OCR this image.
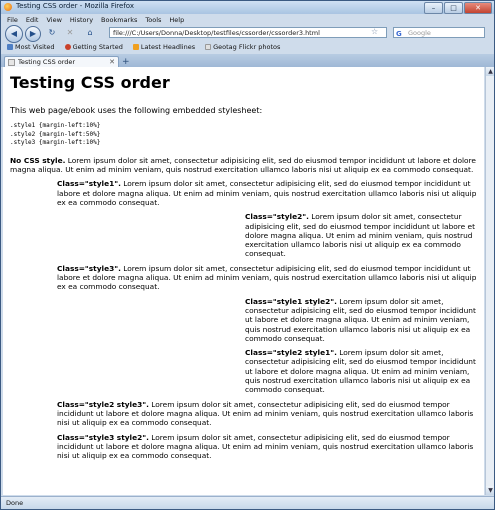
Testing CSS order - Mozilla Firefox	–	□	✕
File Edit View History Bookmarks Tools Help
◀	▶	↻	✕	⌂	file:///C:/Users/Donna/Desktop/testfiles/cssorder/cssorder3.html	☆	G Google
Most Visited	Getting Started	Latest Headlines	Geotag Flickr photos
Testing CSS order	✕ +
Testing CSS order

This web page/ebook uses the following embedded stylesheet:

.style1 {margin-left:10%}
.style2 {margin-left:50%}
.style3 {margin-left:10%}

No CSS style. Lorem ipsum dolor sit amet, consectetur adipisicing elit, sed do eiusmod tempor incididunt ut labore et dolore magna aliqua. Ut enim ad minim veniam, quis nostrud exercitation ullamco laboris nisi ut aliquip ex ea commodo consequat.

Class="style1". Lorem ipsum dolor sit amet, consectetur adipisicing elit, sed do eiusmod tempor incididunt ut labore et dolore magna aliqua. Ut enim ad minim veniam, quis nostrud exercitation ullamco laboris nisi ut aliquip ex ea commodo consequat.

Class="style2". Lorem ipsum dolor sit amet, consectetur adipisicing elit, sed do eiusmod tempor incididunt ut labore et dolore magna aliqua. Ut enim ad minim veniam, quis nostrud exercitation ullamco laboris nisi ut aliquip ex ea commodo consequat.

Class="style3". Lorem ipsum dolor sit amet, consectetur adipisicing elit, sed do eiusmod tempor incididunt ut labore et dolore magna aliqua. Ut enim ad minim veniam, quis nostrud exercitation ullamco laboris nisi ut aliquip ex ea commodo consequat.

Class="style1 style2". Lorem ipsum dolor sit amet, consectetur adipisicing elit, sed do eiusmod tempor incididunt ut labore et dolore magna aliqua. Ut enim ad minim veniam, quis nostrud exercitation ullamco laboris nisi ut aliquip ex ea commodo consequat.

Class="style2 style1". Lorem ipsum dolor sit amet, consectetur adipisicing elit, sed do eiusmod tempor incididunt ut labore et dolore magna aliqua. Ut enim ad minim veniam, quis nostrud exercitation ullamco laboris nisi ut aliquip ex ea commodo consequat.

Class="style2 style3". Lorem ipsum dolor sit amet, consectetur adipisicing elit, sed do eiusmod tempor incididunt ut labore et dolore magna aliqua. Ut enim ad minim veniam, quis nostrud exercitation ullamco laboris nisi ut aliquip ex ea commodo consequat.

Class="style3 style2". Lorem ipsum dolor sit amet, consectetur adipisicing elit, sed do eiusmod tempor incididunt ut labore et dolore magna aliqua. Ut enim ad minim veniam, quis nostrud exercitation ullamco laboris nisi ut aliquip ex ea commodo consequat.

▲
▼
Done
